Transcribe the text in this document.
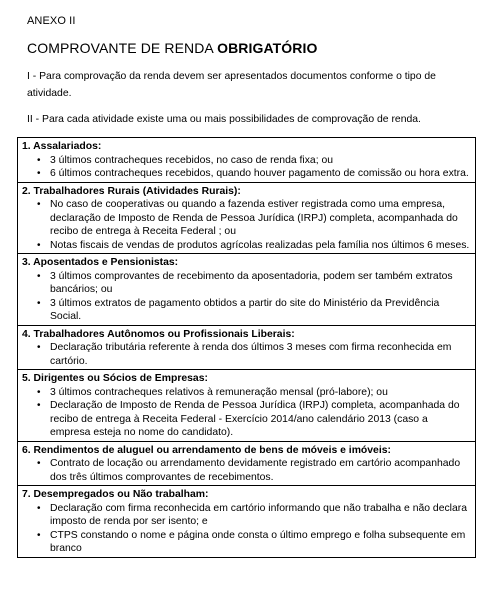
ANEXO II
COMPROVANTE DE RENDA OBRIGATÓRIO
I - Para comprovação da renda devem ser apresentados documentos conforme o tipo de atividade.
II - Para cada atividade existe uma ou mais possibilidades de comprovação de renda.
1. Assalariados:
• 3 últimos contracheques recebidos, no caso de renda fixa; ou
• 6 últimos contracheques recebidos, quando houver pagamento de comissão ou hora extra.
2. Trabalhadores Rurais (Atividades Rurais):
• No caso de cooperativas ou quando a fazenda estiver registrada como uma empresa, declaração de Imposto de Renda de Pessoa Jurídica (IRPJ) completa, acompanhada do recibo de entrega à Receita Federal ; ou
• Notas fiscais de vendas de produtos agrícolas realizadas pela família nos últimos 6 meses.
3. Aposentados e Pensionistas:
• 3 últimos comprovantes de recebimento da aposentadoria, podem ser também extratos bancários; ou
• 3 últimos extratos de pagamento obtidos a partir do site do Ministério da Previdência Social.
4. Trabalhadores Autônomos ou Profissionais Liberais:
• Declaração tributária referente à renda dos últimos 3 meses com firma reconhecida em cartório.
5. Dirigentes ou Sócios de Empresas:
• 3 últimos contracheques relativos à remuneração mensal (pró-labore); ou
• Declaração de Imposto de Renda de Pessoa Jurídica (IRPJ) completa, acompanhada do recibo de entrega à Receita Federal - Exercício 2014/ano calendário 2013 (caso a empresa esteja no nome do candidato).
6. Rendimentos de aluguel ou arrendamento de bens de móveis e imóveis:
• Contrato de locação ou arrendamento devidamente registrado em cartório acompanhado dos três últimos comprovantes de recebimentos.
7. Desempregados ou Não trabalham:
• Declaração com firma reconhecida em cartório informando que não trabalha e não declara imposto de renda por ser isento; e
• CTPS constando o nome e página onde consta o último emprego e folha subsequente em branco
